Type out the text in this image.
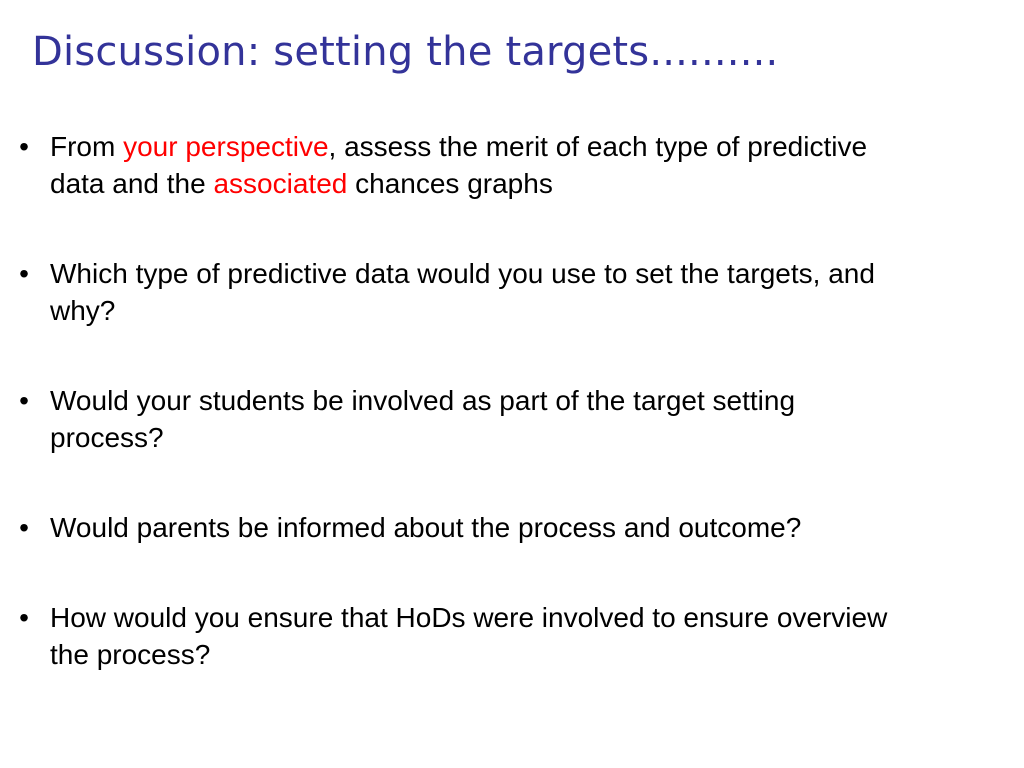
Discussion: setting the targets..........
• From your perspective, assess the merit of each type of predictive data and the associated chances graphs
• Which type of predictive data would you use to set the targets, and why?
• Would your students be involved as part of the target setting process?
• Would parents be informed about the process and outcome?
• How would you ensure that HoDs were involved to ensure overview the process?
